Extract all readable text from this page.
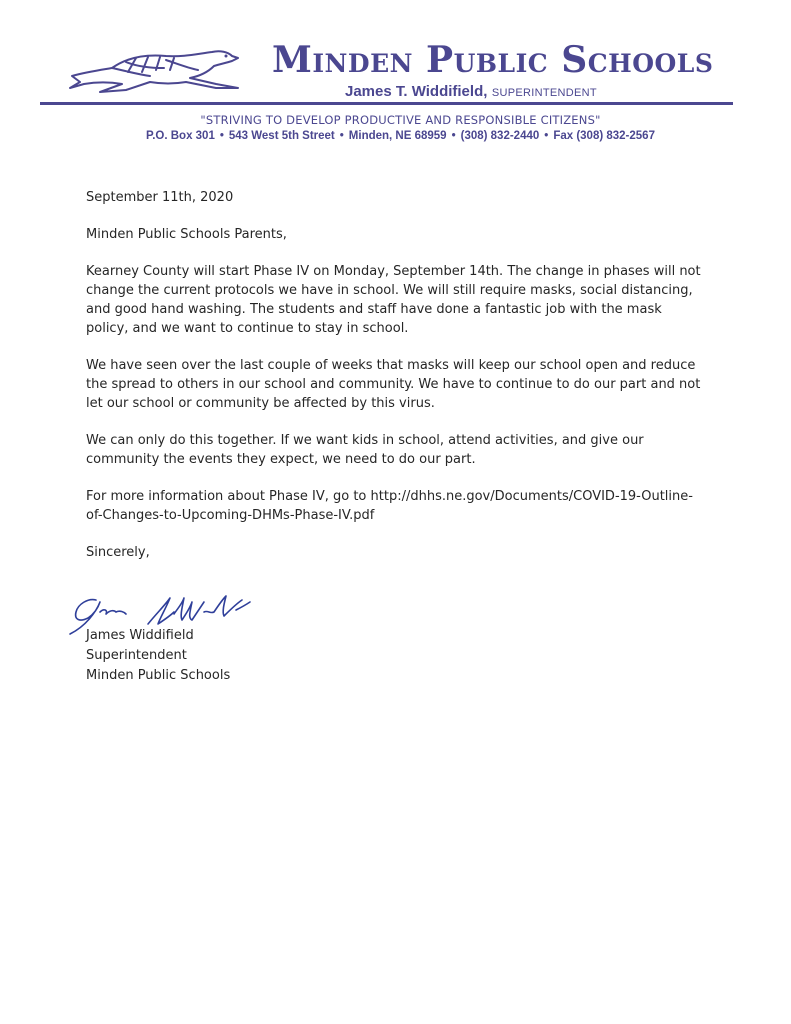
Minden Public Schools
James T. Widdifield, SUPERINTENDENT
"STRIVING TO DEVELOP PRODUCTIVE AND RESPONSIBLE CITIZENS"
P.O. Box 301 • 543 West 5th Street • Minden, NE 68959 • (308) 832-2440 • Fax (308) 832-2567

September 11th, 2020

Minden Public Schools Parents,

Kearney County will start Phase IV on Monday, September 14th. The change in phases will not change the current protocols we have in school. We will still require masks, social distancing, and good hand washing. The students and staff have done a fantastic job with the mask policy, and we want to continue to stay in school.

We have seen over the last couple of weeks that masks will keep our school open and reduce the spread to others in our school and community. We have to continue to do our part and not let our school or community be affected by this virus.

We can only do this together. If we want kids in school, attend activities, and give our community the events they expect, we need to do our part.

For more information about Phase IV, go to http://dhhs.ne.gov/Documents/COVID-19-Outline-of-Changes-to-Upcoming-DHMs-Phase-IV.pdf

Sincerely,

James Widdifield
Superintendent
Minden Public Schools
